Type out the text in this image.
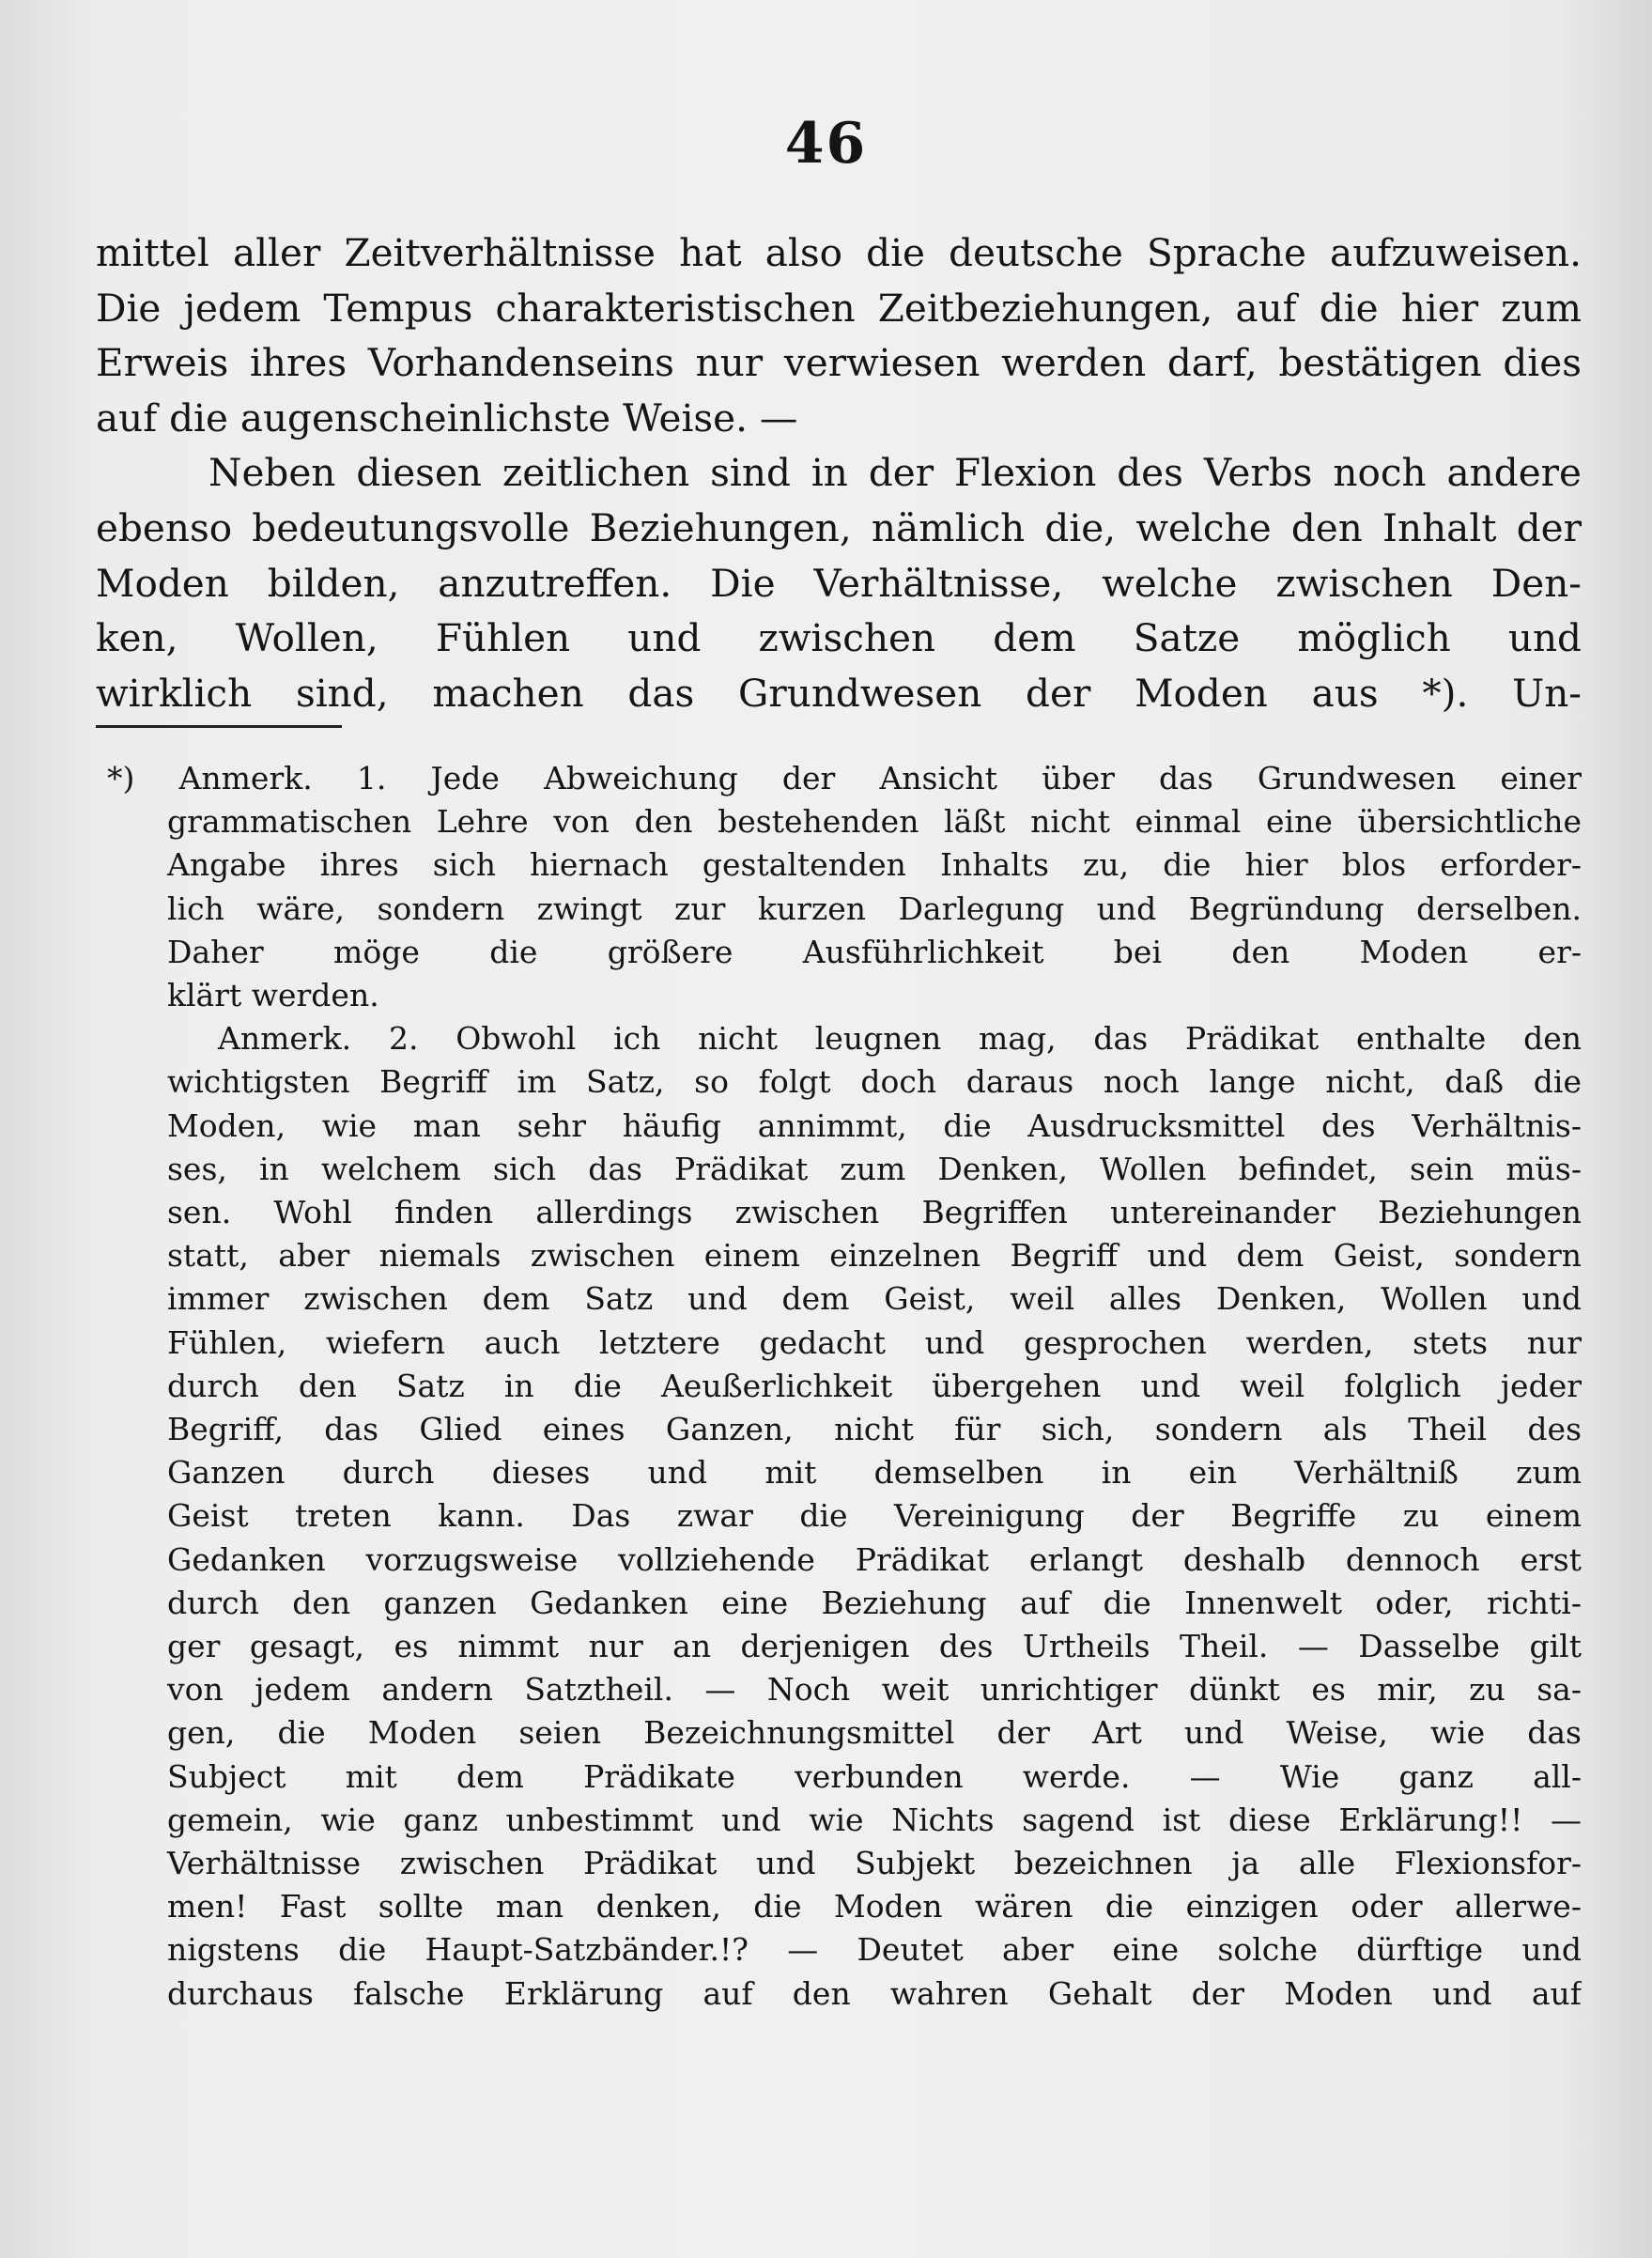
46
mittel aller Zeitverhältnisse hat also die deutsche Sprache aufzuweisen.
Die jedem Tempus charakteristischen Zeitbeziehungen, auf die hier zum
Erweis ihres Vorhandenseins nur verwiesen werden darf, bestätigen dies
auf die augenscheinlichste Weise. —
Neben diesen zeitlichen sind in der Flexion des Verbs noch andere
ebenso bedeutungsvolle Beziehungen, nämlich die, welche den Inhalt der
Moden bilden, anzutreffen. Die Verhältnisse, welche zwischen Den-
ken, Wollen, Fühlen und zwischen dem Satze möglich und
wirklich sind, machen das Grundwesen der Moden aus *). Un-
*) Anmerk. 1. Jede Abweichung der Ansicht über das Grundwesen einer
grammatischen Lehre von den bestehenden läßt nicht einmal eine übersichtliche
Angabe ihres sich hiernach gestaltenden Inhalts zu, die hier blos erforder-
lich wäre, sondern zwingt zur kurzen Darlegung und Begründung derselben.
Daher möge die größere Ausführlichkeit bei den Moden er-
klärt werden.
Anmerk. 2. Obwohl ich nicht leugnen mag, das Prädikat enthalte den
wichtigsten Begriff im Satz, so folgt doch daraus noch lange nicht, daß die
Moden, wie man sehr häufig annimmt, die Ausdrucksmittel des Verhältnis-
ses, in welchem sich das Prädikat zum Denken, Wollen befindet, sein müs-
sen. Wohl finden allerdings zwischen Begriffen untereinander Beziehungen
statt, aber niemals zwischen einem einzelnen Begriff und dem Geist, sondern
immer zwischen dem Satz und dem Geist, weil alles Denken, Wollen und
Fühlen, wiefern auch letztere gedacht und gesprochen werden, stets nur
durch den Satz in die Aeußerlichkeit übergehen und weil folglich jeder
Begriff, das Glied eines Ganzen, nicht für sich, sondern als Theil des
Ganzen durch dieses und mit demselben in ein Verhältniß zum
Geist treten kann. Das zwar die Vereinigung der Begriffe zu einem
Gedanken vorzugsweise vollziehende Prädikat erlangt deshalb dennoch erst
durch den ganzen Gedanken eine Beziehung auf die Innenwelt oder, richti-
ger gesagt, es nimmt nur an derjenigen des Urtheils Theil. — Dasselbe gilt
von jedem andern Satztheil. — Noch weit unrichtiger dünkt es mir, zu sa-
gen, die Moden seien Bezeichnungsmittel der Art und Weise, wie das
Subject mit dem Prädikate verbunden werde. — Wie ganz all-
gemein, wie ganz unbestimmt und wie Nichts sagend ist diese Erklärung!! —
Verhältnisse zwischen Prädikat und Subjekt bezeichnen ja alle Flexionsfor-
men! Fast sollte man denken, die Moden wären die einzigen oder allerwe-
nigstens die Haupt-Satzbänder.!? — Deutet aber eine solche dürftige und
durchaus falsche Erklärung auf den wahren Gehalt der Moden und auf
